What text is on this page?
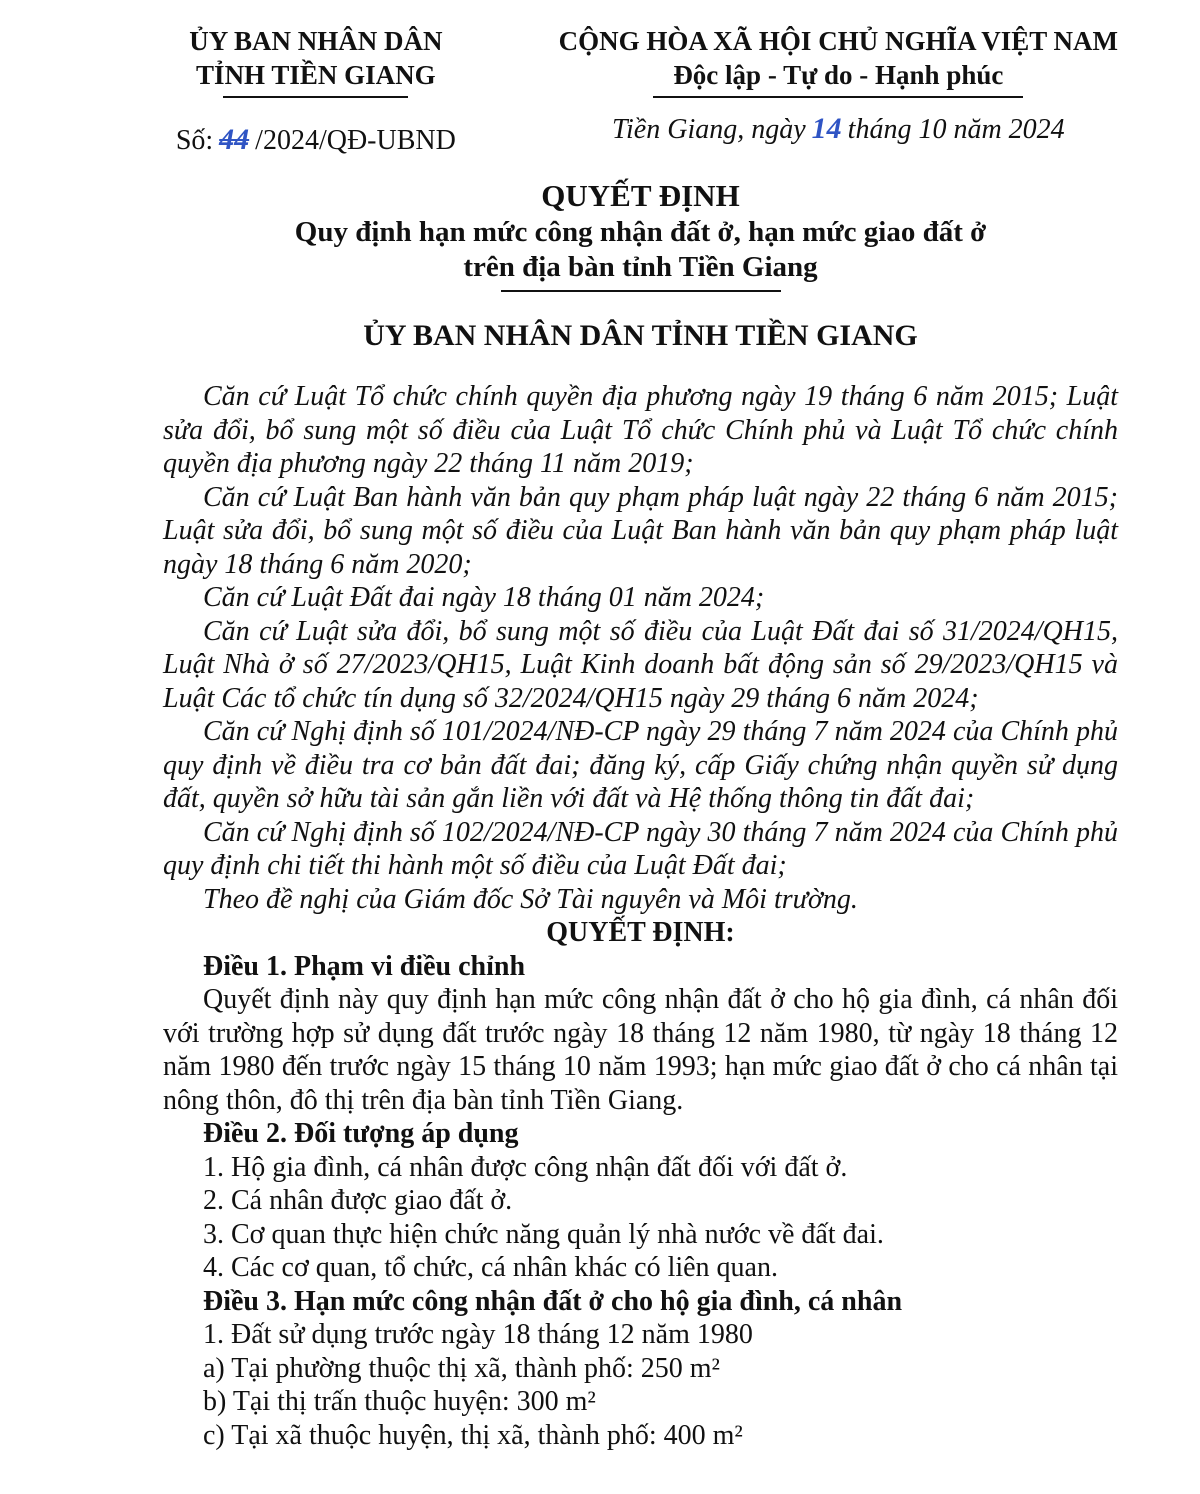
ỦY BAN NHÂN DÂN
TỈNH TIỀN GIANG
Số: 44 /2024/QĐ-UBND
CỘNG HÒA XÃ HỘI CHỦ NGHĨA VIỆT NAM
Độc lập - Tự do - Hạnh phúc
Tiền Giang, ngày 14 tháng 10 năm 2024
QUYẾT ĐỊNH
Quy định hạn mức công nhận đất ở, hạn mức giao đất ở
trên địa bàn tỉnh Tiền Giang
ỦY BAN NHÂN DÂN TỈNH TIỀN GIANG

Căn cứ Luật Tổ chức chính quyền địa phương ngày 19 tháng 6 năm 2015; Luật sửa đổi, bổ sung một số điều của Luật Tổ chức Chính phủ và Luật Tổ chức chính quyền địa phương ngày 22 tháng 11 năm 2019;

Căn cứ Luật Ban hành văn bản quy phạm pháp luật ngày 22 tháng 6 năm 2015; Luật sửa đổi, bổ sung một số điều của Luật Ban hành văn bản quy phạm pháp luật ngày 18 tháng 6 năm 2020;

Căn cứ Luật Đất đai ngày 18 tháng 01 năm 2024;

Căn cứ Luật sửa đổi, bổ sung một số điều của Luật Đất đai số 31/2024/QH15, Luật Nhà ở số 27/2023/QH15, Luật Kinh doanh bất động sản số 29/2023/QH15 và Luật Các tổ chức tín dụng số 32/2024/QH15 ngày 29 tháng 6 năm 2024;

Căn cứ Nghị định số 101/2024/NĐ-CP ngày 29 tháng 7 năm 2024 của Chính phủ quy định về điều tra cơ bản đất đai; đăng ký, cấp Giấy chứng nhận quyền sử dụng đất, quyền sở hữu tài sản gắn liền với đất và Hệ thống thông tin đất đai;

Căn cứ Nghị định số 102/2024/NĐ-CP ngày 30 tháng 7 năm 2024 của Chính phủ quy định chi tiết thi hành một số điều của Luật Đất đai;

Theo đề nghị của Giám đốc Sở Tài nguyên và Môi trường.

QUYẾT ĐỊNH:

Điều 1. Phạm vi điều chỉnh

Quyết định này quy định hạn mức công nhận đất ở cho hộ gia đình, cá nhân đối với trường hợp sử dụng đất trước ngày 18 tháng 12 năm 1980, từ ngày 18 tháng 12 năm 1980 đến trước ngày 15 tháng 10 năm 1993; hạn mức giao đất ở cho cá nhân tại nông thôn, đô thị trên địa bàn tỉnh Tiền Giang.

Điều 2. Đối tượng áp dụng

1. Hộ gia đình, cá nhân được công nhận đất đối với đất ở.

2. Cá nhân được giao đất ở.

3. Cơ quan thực hiện chức năng quản lý nhà nước về đất đai.

4. Các cơ quan, tổ chức, cá nhân khác có liên quan.

Điều 3. Hạn mức công nhận đất ở cho hộ gia đình, cá nhân

1. Đất sử dụng trước ngày 18 tháng 12 năm 1980

a) Tại phường thuộc thị xã, thành phố: 250 m²

b) Tại thị trấn thuộc huyện: 300 m²

c) Tại xã thuộc huyện, thị xã, thành phố: 400 m²
